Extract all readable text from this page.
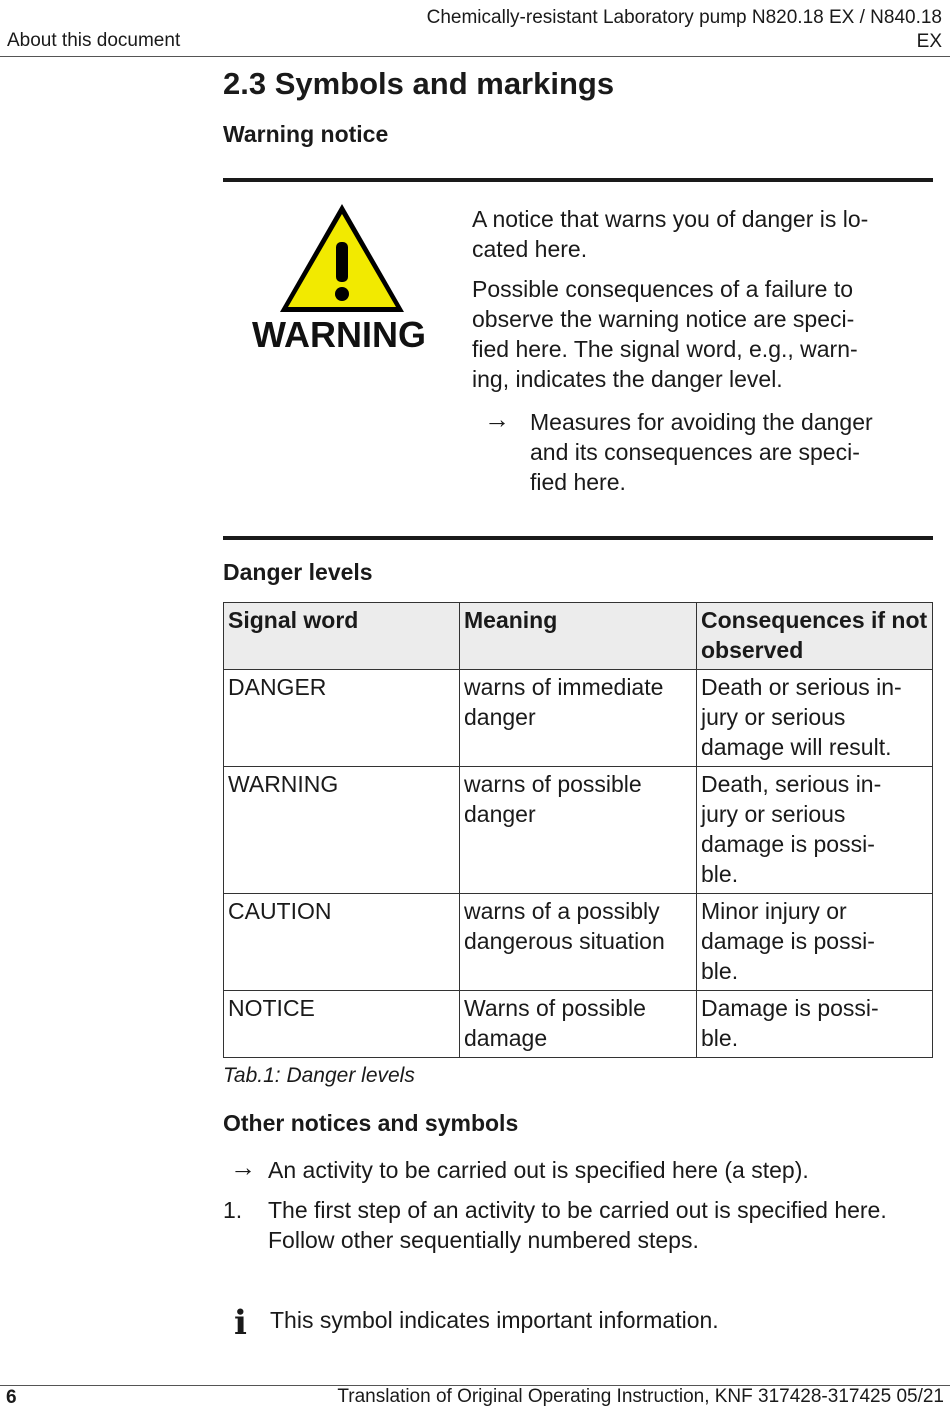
About this document
Chemically-resistant Laboratory pump N820.18 EX / N840.18
EX
2.3 Symbols and markings
Warning notice
WARNING
A notice that warns you of danger is lo-
cated here.
Possible consequences of a failure to
observe the warning notice are speci-
fied here. The signal word, e.g., warn-
ing, indicates the danger level.
→ Measures for avoiding the danger
and its consequences are speci-
fied here.
Danger levels
Signal word	Meaning	Consequences if not observed
DANGER	warns of immediate danger	Death or serious in-
jury or serious damage will result.
WARNING	warns of possible danger	Death, serious in-
jury or serious damage is possi-
ble.
CAUTION	warns of a possibly dangerous situation	Minor injury or damage is possi-
ble.
NOTICE	Warns of possible damage	Damage is possi-
ble.
Tab.1: Danger levels
Other notices and symbols
→ An activity to be carried out is specified here (a step).
1. The first step of an activity to be carried out is specified here.
Follow other sequentially numbered steps.
i This symbol indicates important information.
6	Translation of Original Operating Instruction, KNF 317428-317425 05/21
